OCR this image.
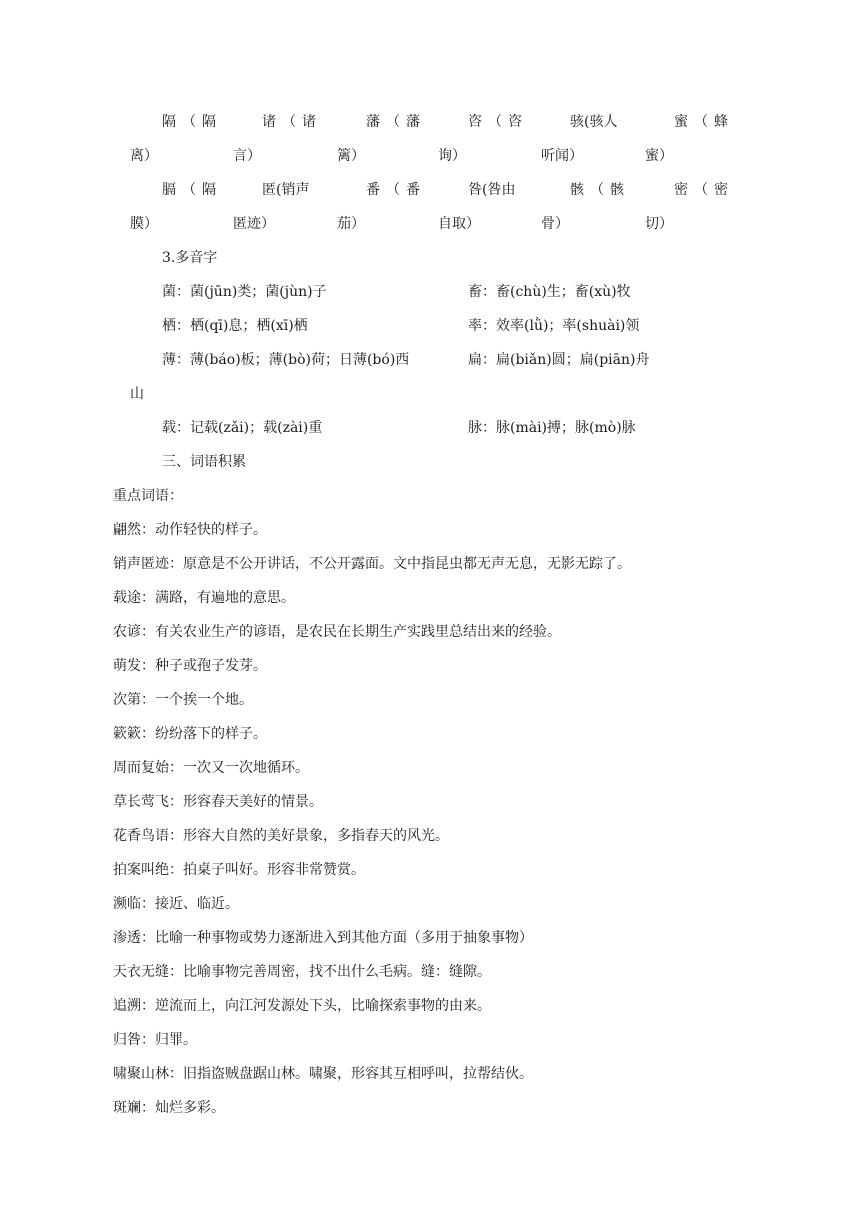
隔（隔	诸（诸	藩（藩	咨（咨	骇(骇人	蜜（蜂
离）	言）	篱）	询）	听闻）	蜜）
膈（隔	匿(销声	番（番	咎(咎由	骸（骸	密（密
膜）	匿迹）	茄）	自取）	骨）	切）
3.多音字
菌：菌(jūn)类；菌(jùn)子	畜：畜(chù)生；畜(xù)牧
栖：栖(qī)息；栖(xī)栖	率：效率(lǜ)；率(shuài)领
薄：薄(báo)板；薄(bò)荷；日薄(bó)西	扁：扁(biǎn)圆；扁(piān)舟
山
载：记载(zǎi)；载(zài)重	脉：脉(mài)搏；脉(mò)脉
三、词语积累
重点词语：
翩然：动作轻快的样子。
销声匿迹：原意是不公开讲话，不公开露面。文中指昆虫都无声无息，无影无踪了。
载途：满路，有遍地的意思。
农谚：有关农业生产的谚语，是农民在长期生产实践里总结出来的经验。
萌发：种子或孢子发芽。
次第：一个挨一个地。
簌簌：纷纷落下的样子。
周而复始：一次又一次地循环。
草长莺飞：形容春天美好的情景。
花香鸟语：形容大自然的美好景象，多指春天的风光。
拍案叫绝：拍桌子叫好。形容非常赞赏。
濒临：接近、临近。
渗透：比喻一种事物或势力逐渐进入到其他方面（多用于抽象事物）
天衣无缝：比喻事物完善周密，找不出什么毛病。缝：缝隙。
追溯：逆流而上，向江河发源处下头，比喻探索事物的由来。
归咎：归罪。
啸聚山林：旧指盗贼盘踞山林。啸聚，形容其互相呼叫，拉帮结伙。
斑斓：灿烂多彩。
